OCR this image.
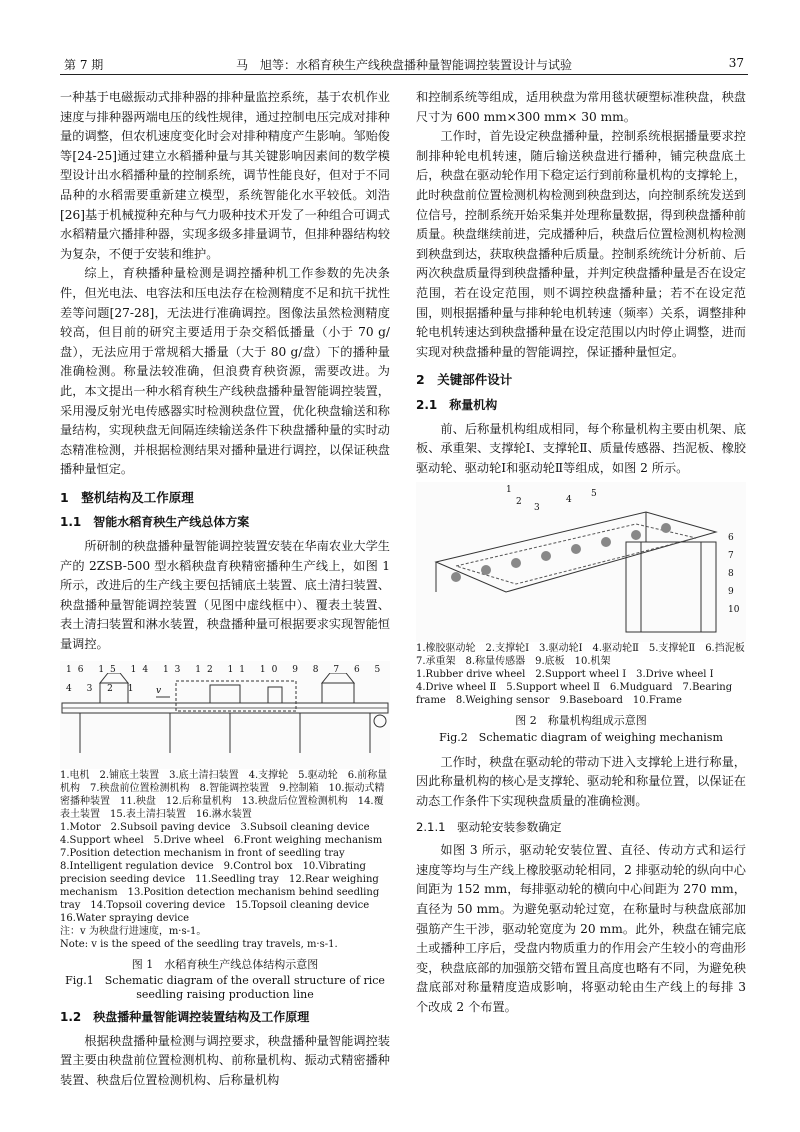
第 7 期	马　旭等：水稻育秧生产线秧盘播种量智能调控装置设计与试验	37

一种基于电磁振动式排种器的排种量监控系统，基于农机作业速度与排种器两端电压的线性规律，通过控制电压完成对排种量的调整，但农机速度变化时会对排种精度产生影响。邹贻俊等[24-25]通过建立水稻播种量与其关键影响因素间的数学模型设计出水稻播种量的控制系统，调节性能良好，但对于不同品种的水稻需要重新建立模型，系统智能化水平较低。刘浩[26]基于机械搅种充种与气力吸种技术开发了一种组合可调式水稻精量穴播排种器，实现多级多排量调节，但排种器结构较为复杂，不便于安装和维护。

综上，育秧播种量检测是调控播种机工作参数的先决条件，但光电法、电容法和压电法存在检测精度不足和抗干扰性差等问题[27-28]，无法进行准确调控。图像法虽然检测精度较高，但目前的研究主要适用于杂交稻低播量（小于 70 g/盘），无法应用于常规稻大播量（大于 80 g/盘）下的播种量准确检测。称量法较准确，但浪费育秧资源，需要改进。为此，本文提出一种水稻育秧生产线秧盘播种量智能调控装置，采用漫反射光电传感器实时检测秧盘位置，优化秧盘输送和称量结构，实现秧盘无间隔连续输送条件下秧盘播种量的实时动态精准检测，并根据检测结果对播种量进行调控，以保证秧盘播种量恒定。

1　整机结构及工作原理
1.1　智能水稻育秧生产线总体方案

所研制的秧盘播种量智能调控装置安装在华南农业大学生产的 2ZSB-500 型水稻秧盘育秧精密播种生产线上，如图 1 所示，改进后的生产线主要包括铺底土装置、底土清扫装置、秧盘播种量智能调控装置（见图中虚线框中）、覆表土装置、表土清扫装置和淋水装置，秧盘播种量可根据要求实现智能恒量调控。

16 15 14 13 12 11 10 9 8 7 6 5 4 3 2 1	v
1.电机　2.铺底土装置　3.底土清扫装置　4.支撑轮　5.驱动轮　6.前称量机构　7.秧盘前位置检测机构　8.智能调控装置　9.控制箱　10.振动式精密播种装置　11.秧盘　12.后称量机构　13.秧盘后位置检测机构　14.覆表土装置　15.表土清扫装置　16.淋水装置
1.Motor　2.Subsoil paving device　3.Subsoil cleaning device　4.Support wheel　5.Drive wheel　6.Front weighing mechanism　7.Position detection mechanism in front of seedling tray　8.Intelligent regulation device　9.Control box　10.Vibrating precision seeding device　11.Seedling tray　12.Rear weighing mechanism　13.Position detection mechanism behind seedling tray　14.Topsoil covering device　15.Topsoil cleaning device　16.Water spraying device
注：v 为秧盘行进速度，m·s-1。
Note: v is the speed of the seedling tray travels, m·s-1.
图 1　水稻育秧生产线总体结构示意图
Fig.1　Schematic diagram of the overall structure of rice seedling raising production line
1.2　秧盘播种量智能调控装置结构及工作原理

根据秧盘播种量检测与调控要求，秧盘播种量智能调控装置主要由秧盘前位置检测机构、前称量机构、振动式精密播种装置、秧盘后位置检测机构、后称量机构

和控制系统等组成，适用秧盘为常用毯状硬塑标准秧盘，秧盘尺寸为 600 mm×300 mm× 30 mm。

工作时，首先设定秧盘播种量，控制系统根据播量要求控制排种轮电机转速，随后输送秧盘进行播种，铺完秧盘底土后，秧盘在驱动轮作用下稳定运行到前称量机构的支撑轮上，此时秧盘前位置检测机构检测到秧盘到达，向控制系统发送到位信号，控制系统开始采集并处理称量数据，得到秧盘播种前质量。秧盘继续前进，完成播种后，秧盘后位置检测机构检测到秧盘到达，获取秧盘播种后质量。控制系统统计分析前、后两次秧盘质量得到秧盘播种量，并判定秧盘播种量是否在设定范围，若在设定范围，则不调控秧盘播种量；若不在设定范围，则根据播种量与排种轮电机转速（频率）关系，调整排种轮电机转速达到秧盘播种量在设定范围以内时停止调整，进而实现对秧盘播种量的智能调控，保证播种量恒定。

2　关键部件设计
2.1　称量机构

前、后称量机构组成相同，每个称量机构主要由机架、底板、承重架、支撑轮Ⅰ、支撑轮Ⅱ、质量传感器、挡泥板、橡胶驱动轮、驱动轮Ⅰ和驱动轮Ⅱ等组成，如图 2 所示。

1
2
3
4
5
6
7
8
9
10
1.橡胶驱动轮　2.支撑轮Ⅰ　3.驱动轮Ⅰ　4.驱动轮Ⅱ　5.支撑轮Ⅱ　6.挡泥板　7.承重架　8.称量传感器　9.底板　10.机架
1.Rubber drive wheel　2.Support wheel Ⅰ　3.Drive wheel Ⅰ　4.Drive wheel Ⅱ　5.Support wheel Ⅱ　6.Mudguard　7.Bearing frame　8.Weighing sensor　9.Baseboard　10.Frame
图 2　称量机构组成示意图
Fig.2　Schematic diagram of weighing mechanism

工作时，秧盘在驱动轮的带动下进入支撑轮上进行称量，因此称量机构的核心是支撑轮、驱动轮和称量位置，以保证在动态工作条件下实现秧盘质量的准确检测。

2.1.1　驱动轮安装参数确定

如图 3 所示，驱动轮安装位置、直径、传动方式和运行速度等均与生产线上橡胶驱动轮相同，2 排驱动轮的纵向中心间距为 152 mm，每排驱动轮的横向中心间距为 270 mm，直径为 50 mm。为避免驱动轮过宽，在称量时与秧盘底部加强筋产生干涉，驱动轮宽度为 20 mm。此外，秧盘在铺完底土或播种工序后，受盘内物质重力的作用会产生较小的弯曲形变，秧盘底部的加强筋交错布置且高度也略有不同，为避免秧盘底部对称量精度造成影响，将驱动轮由生产线上的每排 3 个改成 2 个布置。
